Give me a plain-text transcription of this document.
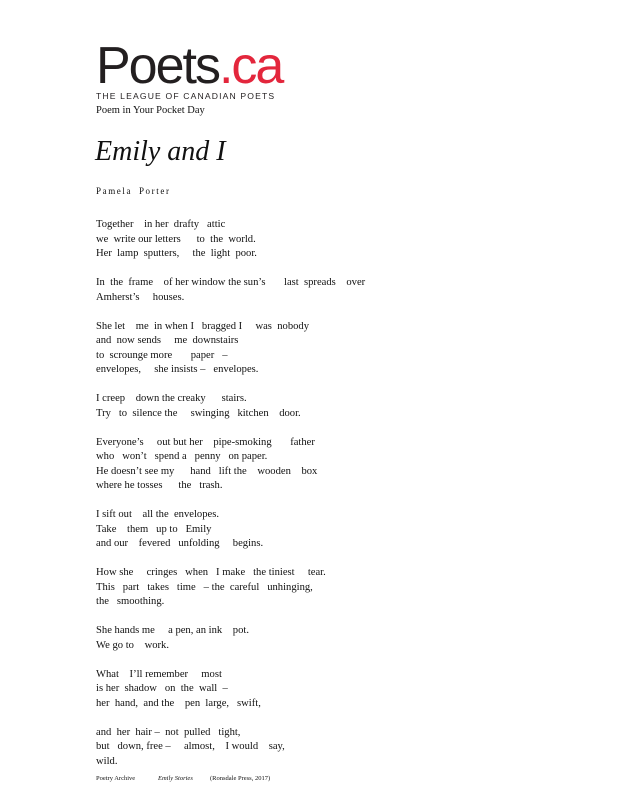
Poets.ca
THE LEAGUE OF CANADIAN POETS
Poem in Your Pocket Day
Emily and I
Pamela Porter
Together    in her  drafty   attic
we  write our letters      to  the  world.
Her  lamp  sputters,     the  light  poor.
In  the  frame    of her window the sun’s       last  spreads    over
Amherst’s     houses.
She let    me  in when I   bragged I     was  nobody
and  now sends     me  downstairs
to  scrounge more       paper   –
envelopes,     she insists –   envelopes.
I creep    down the creaky      stairs.
Try   to  silence the     swinging   kitchen    door.
Everyone’s     out but her    pipe-smoking       father
who   won’t   spend a   penny   on paper.
He doesn’t see my      hand   lift the    wooden    box
where he tosses      the   trash.
I sift out    all the  envelopes.
Take    them   up to   Emily
and our    fevered   unfolding     begins.
How she     cringes   when   I make   the tiniest     tear.
This   part   takes   time   – the  careful   unhinging,
the   smoothing.
She hands me     a pen, an ink    pot.
We go to    work.
What    I’ll remember     most
is her  shadow   on  the  wall  –
her  hand,  and the    pen  large,   swift,
and  her  hair –  not  pulled   tight,
but   down, free –     almost,    I would    say,
wild.
Poetry Archive	Emily Stories	(Ronsdale Press, 2017)
